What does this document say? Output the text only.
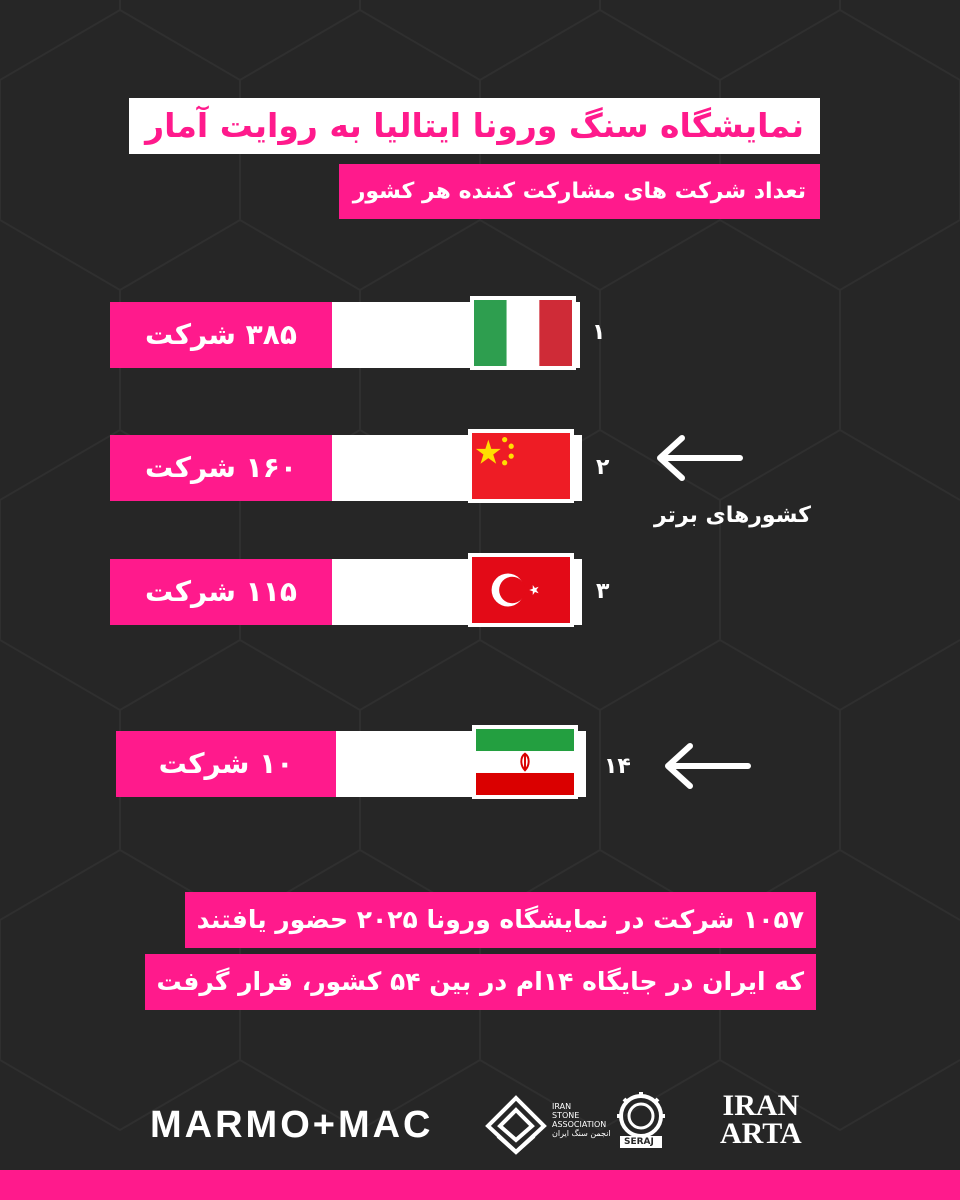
نمایشگاه سنگ ورونا ایتالیا به روایت آمار
تعداد شرکت های مشارکت کننده هر کشور
۳۸۵ شرکت	۱
۱۶۰ شرکت	۲
۱۱۵ شرکت	۳
۱۰ شرکت	۱۴
کشورهای برتر
۱۰۵۷ شرکت در نمایشگاه ورونا ۲۰۲۵ حضور یافتند
که ایران در جایگاه ۱۴ام در بین ۵۴ کشور، قرار گرفت
MARMO+MAC	IRAN
STONE
ASSOCIATION
انجمن سنگ ایران
SERAJ
IRAN
ARTA
